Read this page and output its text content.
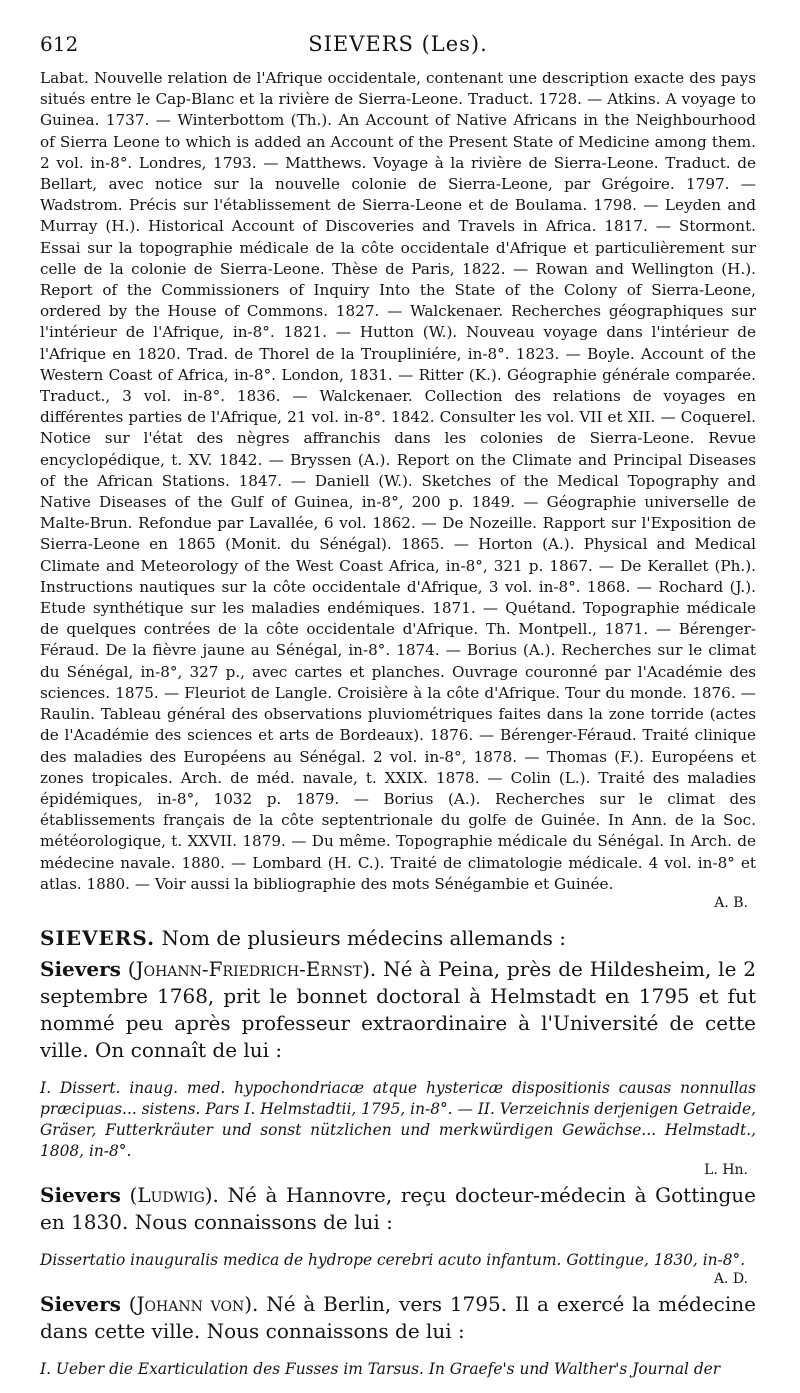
612	SIEVERS (Les).

Labat. Nouvelle relation de l'Afrique occidentale, contenant une description exacte des pays situés entre le Cap-Blanc et la rivière de Sierra-Leone. Traduct. 1728. — Atkins. A voyage to Guinea. 1737. — Winterbottom (Th.). An Account of Native Africans in the Neighbourhood of Sierra Leone to which is added an Account of the Present State of Medicine among them. 2 vol. in-8°. Londres, 1793. — Matthews. Voyage à la rivière de Sierra-Leone. Traduct. de Bellart, avec notice sur la nouvelle colonie de Sierra-Leone, par Grégoire. 1797. — Wadstrom. Précis sur l'établissement de Sierra-Leone et de Boulama. 1798. — Leyden and Murray (H.). Historical Account of Discoveries and Travels in Africa. 1817. — Stormont. Essai sur la topographie médicale de la côte occidentale d'Afrique et particulièrement sur celle de la colonie de Sierra-Leone. Thèse de Paris, 1822. — Rowan and Wellington (H.). Report of the Commissioners of Inquiry Into the State of the Colony of Sierra-Leone, ordered by the House of Commons. 1827. — Walckenaer. Recherches géographiques sur l'intérieur de l'Afrique, in-8°. 1821. — Hutton (W.). Nouveau voyage dans l'intérieur de l'Afrique en 1820. Trad. de Thorel de la Troupliniére, in-8°. 1823. — Boyle. Account of the Western Coast of Africa, in-8°. London, 1831. — Ritter (K.). Géographie générale comparée. Traduct., 3 vol. in-8°. 1836. — Walckenaer. Collection des relations de voyages en différentes parties de l'Afrique, 21 vol. in-8°. 1842. Consulter les vol. VII et XII. — Coquerel. Notice sur l'état des nègres affranchis dans les colonies de Sierra-Leone. Revue encyclopédique, t. XV. 1842. — Bryssen (A.). Report on the Climate and Principal Diseases of the African Stations. 1847. — Daniell (W.). Sketches of the Medical Topography and Native Diseases of the Gulf of Guinea, in-8°, 200 p. 1849. — Géographie universelle de Malte-Brun. Refondue par Lavallée, 6 vol. 1862. — De Nozeille. Rapport sur l'Exposition de Sierra-Leone en 1865 (Monit. du Sénégal). 1865. — Horton (A.). Physical and Medical Climate and Meteorology of the West Coast Africa, in-8°, 321 p. 1867. — De Kerallet (Ph.). Instructions nautiques sur la côte occidentale d'Afrique, 3 vol. in-8°. 1868. — Rochard (J.). Etude synthétique sur les maladies endémiques. 1871. — Quétand. Topographie médicale de quelques contrées de la côte occidentale d'Afrique. Th. Montpell., 1871. — Bérenger-Féraud. De la fièvre jaune au Sénégal, in-8°. 1874. — Borius (A.). Recherches sur le climat du Sénégal, in-8°, 327 p., avec cartes et planches. Ouvrage couronné par l'Académie des sciences. 1875. — Fleuriot de Langle. Croisière à la côte d'Afrique. Tour du monde. 1876. — Raulin. Tableau général des observations pluviométriques faites dans la zone torride (actes de l'Académie des sciences et arts de Bordeaux). 1876. — Bérenger-Féraud. Traité clinique des maladies des Européens au Sénégal. 2 vol. in-8°, 1878. — Thomas (F.). Européens et zones tropicales. Arch. de méd. navale, t. XXIX. 1878. — Colin (L.). Traité des maladies épidémiques, in-8°, 1032 p. 1879. — Borius (A.). Recherches sur le climat des établissements français de la côte septentrionale du golfe de Guinée. In Ann. de la Soc. météorologique, t. XXVII. 1879. — Du même. Topographie médicale du Sénégal. In Arch. de médecine navale. 1880. — Lombard (H. C.). Traité de climatologie médicale. 4 vol. in-8° et atlas. 1880. — Voir aussi la bibliographie des mots Sénégambie et Guinée.

A. B.

SIEVERS. Nom de plusieurs médecins allemands :

Sievers (Johann-Friedrich-Ernst). Né à Peina, près de Hildesheim, le 2 septembre 1768, prit le bonnet doctoral à Helmstadt en 1795 et fut nommé peu après professeur extraordinaire à l'Université de cette ville. On connaît de lui :

I. Dissert. inaug. med. hypochondriacæ atque hystericæ dispositionis causas nonnullas præcipuas... sistens. Pars I. Helmstadtii, 1795, in-8°. — II. Verzeichnis derjenigen Getraide, Gräser, Futterkräuter und sonst nützlichen und merkwürdigen Gewächse... Helmstadt., 1808, in-8°.

L. Hn.

Sievers (Ludwig). Né à Hannovre, reçu docteur-médecin à Gottingue en 1830. Nous connaissons de lui :

Dissertatio inauguralis medica de hydrope cerebri acuto infantum. Gottingue, 1830, in-8°.

A. D.

Sievers (Johann von). Né à Berlin, vers 1795. Il a exercé la médecine dans cette ville. Nous connaissons de lui :

I. Ueber die Exarticulation des Fusses im Tarsus. In Graefe's und Walther's Journal der
